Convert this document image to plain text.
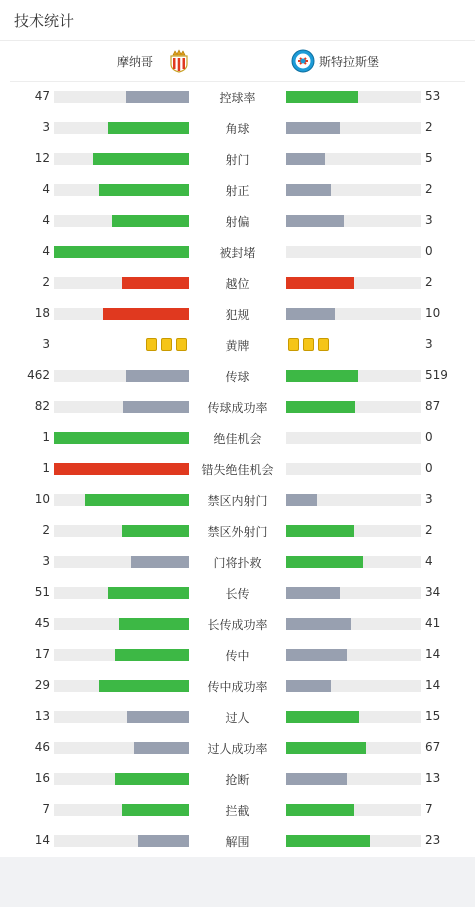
技术统计
摩纳哥	斯特拉斯堡
47	控球率	53
3	角球	2
12	射门	5
4	射正	2
4	射偏	3
4	被封堵	0
2	越位	2
18	犯规	10
3	黄牌	3
462	传球	519
82	传球成功率	87
1	绝佳机会	0
1	错失绝佳机会	0
10	禁区内射门	3
2	禁区外射门	2
3	门将扑救	4
51	长传	34
45	长传成功率	41
17	传中	14
29	传中成功率	14
13	过人	15
46	过人成功率	67
16	抢断	13
7	拦截	7
14	解围	23
